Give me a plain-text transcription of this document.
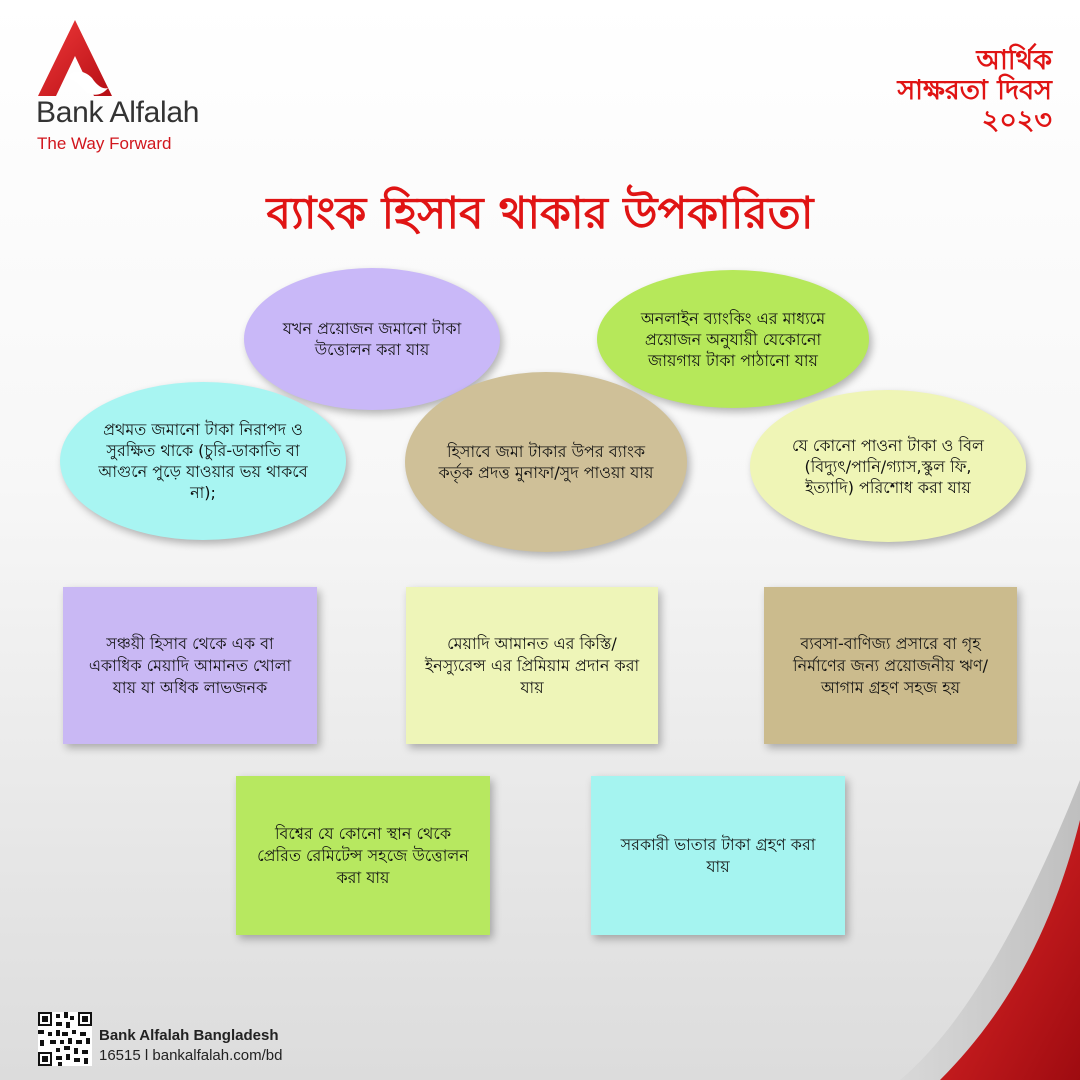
Bank Alfalah
The Way Forward
আর্থিক
সাক্ষরতা দিবস
২০২৩
ব্যাংক হিসাব থাকার উপকারিতা
যখন প্রয়োজন জমানো টাকা উত্তোলন করা যায়
অনলাইন ব্যাংকিং এর মাধ্যমে প্রয়োজন অনুযায়ী যেকোনো জায়গায় টাকা পাঠানো যায়
প্রথমত জমানো টাকা নিরাপদ ও সুরক্ষিত থাকে (চুরি-ডাকাতি বা আগুনে পুড়ে যাওয়ার ভয় থাকবে না);
হিসাবে জমা টাকার উপর ব্যাংক কর্তৃক প্রদত্ত মুনাফা/সুদ পাওয়া যায়
যে কোনো পাওনা টাকা ও বিল (বিদ্যুৎ/পানি/গ্যাস,স্কুল ফি, ইত্যাদি) পরিশোধ করা যায়
সঞ্চয়ী হিসাব থেকে এক বা একাধিক মেয়াদি আমানত খোলা যায় যা অধিক লাভজনক
মেয়াদি আমানত এর কিস্তি/ইনস্যুরেন্স এর প্রিমিয়াম প্রদান করা যায়
ব্যবসা-বাণিজ্য প্রসারে বা গৃহ নির্মাণের জন্য প্রয়োজনীয় ঋণ/আগাম গ্রহণ সহজ হয়
বিশ্বের যে কোনো স্থান থেকে প্রেরিত রেমিটেন্স সহজে উত্তোলন করা যায়
সরকারী ভাতার টাকা গ্রহণ করা যায়
Bank Alfalah Bangladesh
16515 l bankalfalah.com/bd
